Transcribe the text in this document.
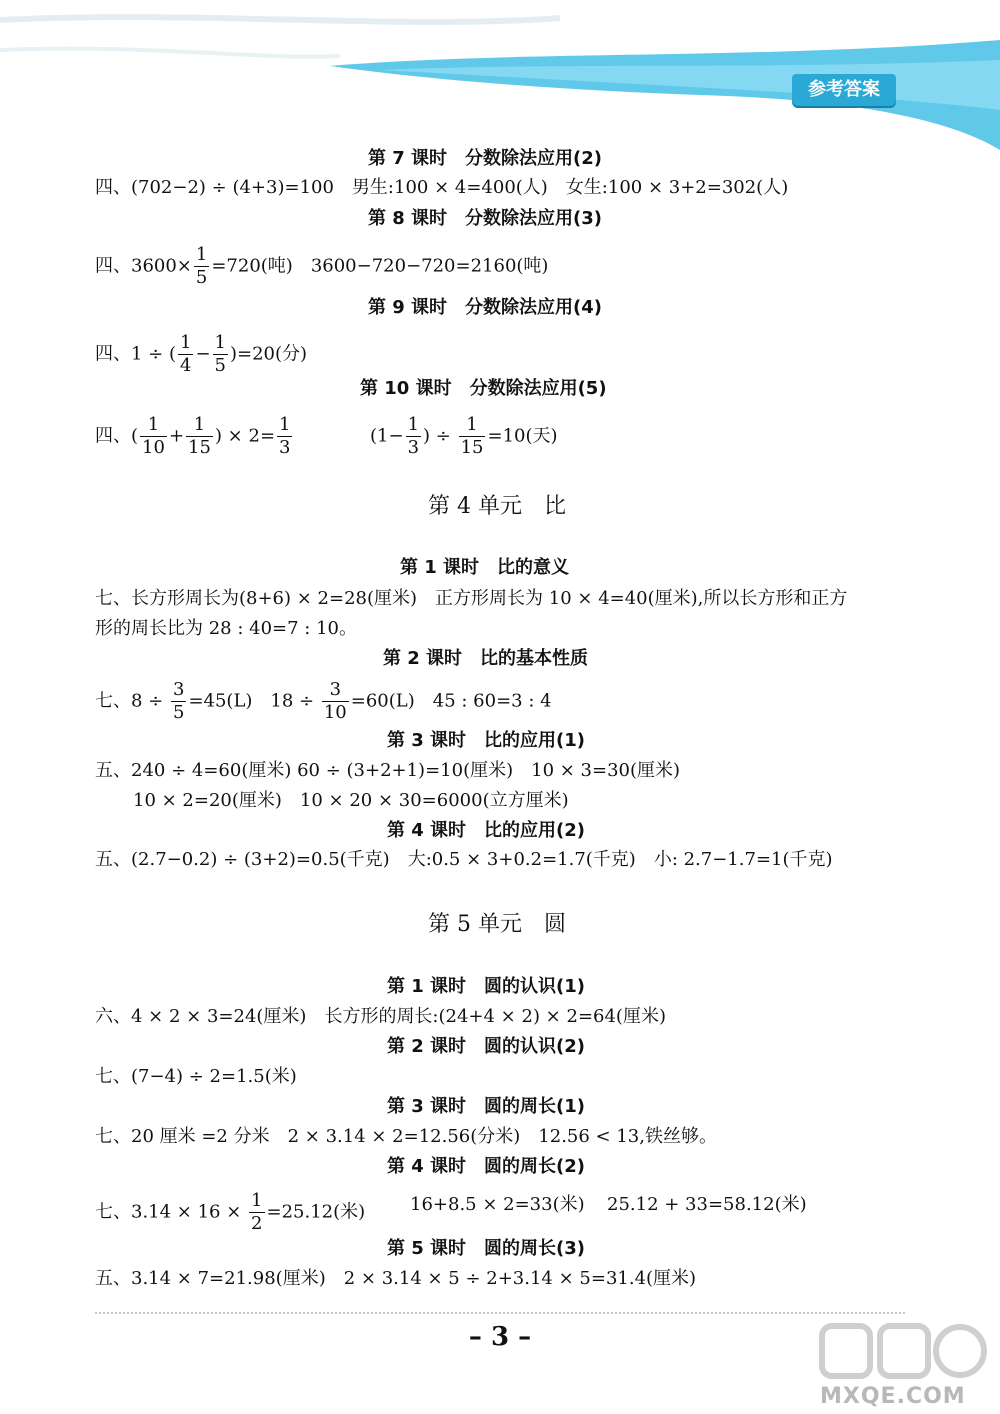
参考答案
第 7 课时　分数除法应用(2)
四、(702−2) ÷ (4+3)=100　男生:100 × 4=400(人)　女生:100 × 3+2=302(人)
第 8 课时　分数除法应用(3)
四、$3600\times \frac{1}{5} =720$(吨)　3600−720−720=2160(吨)
第 9 课时　分数除法应用(4)
四、1 ÷ ( $\frac{1}{4} - \frac{1}{5} )=20$(分)
第 10 课时　分数除法应用(5)
四、( $\frac{1}{10} + \frac{1}{15}$ ) × $2= \frac{1}{3}$	($1- \frac{1}{3}$ ) ÷ $\frac{1}{15} =10$(天)
第 4 单元　比
第 1 课时　比的意义
七、长方形周长为(8+6) × 2=28(厘米)　正方形周长为 10 × 4=40(厘米),所以长方形和正方
形的周长比为 28 : 40=7 : 10。
第 2 课时　比的基本性质
七、$8 \div \frac{3}{5} =45(L)$　$18 \div \frac{3}{10} =60(L)$　45 : 60=3 : 4
第 3 课时　比的应用(1)
五、240 ÷ 4=60(厘米) 60 ÷ (3+2+1)=10(厘米)　10 × 3=30(厘米)
10 × 2=20(厘米)　10 × 20 × 30=6000(立方厘米)
第 4 课时　比的应用(2)
五、(2.7−0.2) ÷ (3+2)=0.5(千克)　大:0.5 × 3+0.2=1.7(千克)　小: 2.7−1.7=1(千克)
第 5 单元　圆
第 1 课时　圆的认识(1)
六、4 × 2 × 3=24(厘米)　长方形的周长:(24+4 × 2) × 2=64(厘米)
第 2 课时　圆的认识(2)
七、(7−4) ÷ 2=1.5(米)
第 3 课时　圆的周长(1)
七、20 厘米 =2 分米　2 × 3.14 × 2=12.56(分米)　12.56 < 13,铁丝够。
第 4 课时　圆的周长(2)
七、$3.14 \times 16 \times \frac{1}{2} =25.12$(米) 16+8.5 × 2=33(米) 25.12 + 33=58.12(米)
第 5 课时　圆的周长(3)
五、3.14 × 7=21.98(厘米)　2 × 3.14 × 5 ÷ 2+3.14 × 5=31.4(厘米)
– 3 –
MXQE.COM
